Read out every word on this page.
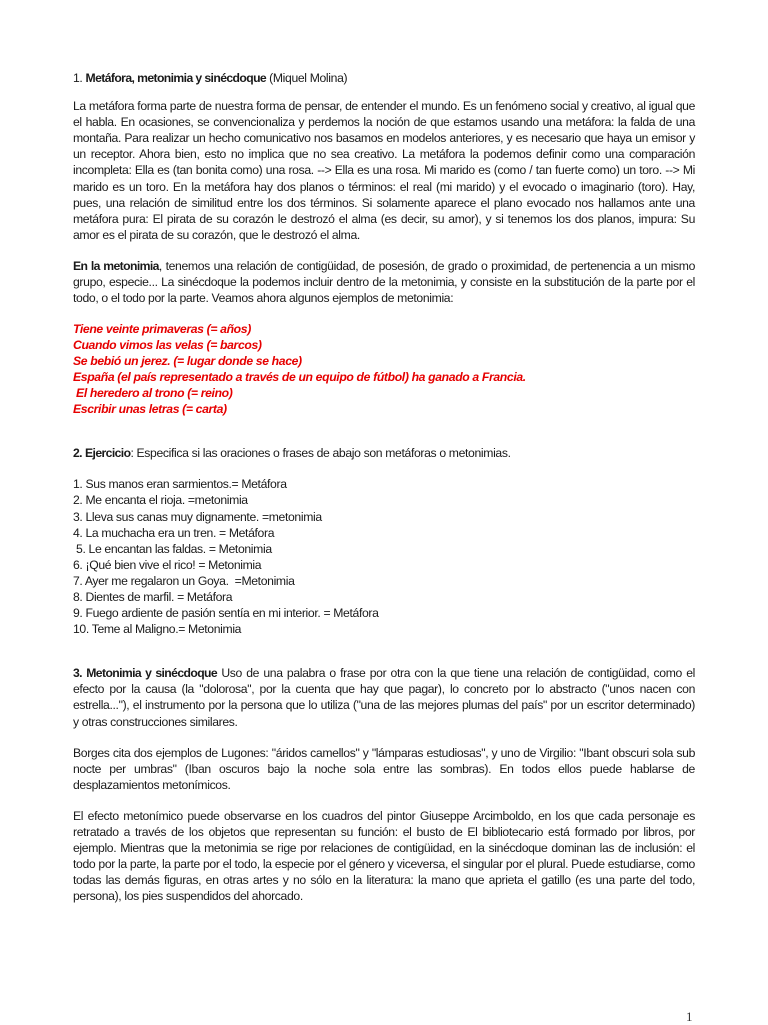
1. Metáfora, metonimia y sinécdoque (Miquel Molina)

La metáfora forma parte de nuestra forma de pensar, de entender el mundo. Es un fenómeno social y creativo, al igual que el habla. En ocasiones, se convencionaliza y perdemos la noción de que estamos usando una metáfora: la falda de una montaña. Para realizar un hecho comunicativo nos basamos en modelos anteriores, y es necesario que haya un emisor y un receptor. Ahora bien, esto no implica que no sea creativo. La metáfora la podemos definir como una comparación incompleta: Ella es (tan bonita como) una rosa. --> Ella es una rosa. Mi marido es (como / tan fuerte como) un toro. --> Mi marido es un toro. En la metáfora hay dos planos o términos: el real (mi marido) y el evocado o imaginario (toro). Hay, pues, una relación de similitud entre los dos términos. Si solamente aparece el plano evocado nos hallamos ante una metáfora pura: El pirata de su corazón le destrozó el alma (es decir, su amor), y si tenemos los dos planos, impura: Su amor es el pirata de su corazón, que le destrozó el alma.

En la metonimia, tenemos una relación de contigüidad, de posesión, de grado o proximidad, de pertenencia a un mismo grupo, especie... La sinécdoque la podemos incluir dentro de la metonimia, y consiste en la substitución de la parte por el todo, o el todo por la parte. Veamos ahora algunos ejemplos de metonimia:

Tiene veinte primaveras (= años)

Cuando vimos las velas (= barcos)

Se bebió un jerez. (= lugar donde se hace)

España (el país representado a través de un equipo de fútbol) ha ganado a Francia.

El heredero al trono (= reino)

Escribir unas letras (= carta)

2. Ejercicio: Especifica si las oraciones o frases de abajo son metáforas o metonimias.

1. Sus manos eran sarmientos.= Metáfora

2. Me encanta el rioja. =metonimia

3. Lleva sus canas muy dignamente. =metonimia

4. La muchacha era un tren. = Metáfora

5. Le encantan las faldas. = Metonimia

6. ¡Qué bien vive el rico! = Metonimia

7. Ayer me regalaron un Goya.  =Metonimia

8. Dientes de marfil. = Metáfora

9. Fuego ardiente de pasión sentía en mi interior. = Metáfora

10. Teme al Maligno.= Metonimia

3. Metonimia y sinécdoque Uso de una palabra o frase por otra con la que tiene una relación de contigüidad, como el efecto por la causa (la "dolorosa", por la cuenta que hay que pagar), lo concreto por lo abstracto ("unos nacen con estrella..."), el instrumento por la persona que lo utiliza ("una de las mejores plumas del país" por un escritor determinado) y otras construcciones similares.

Borges cita dos ejemplos de Lugones: "áridos camellos" y "lámparas estudiosas", y uno de Virgilio: "Ibant obscuri sola sub nocte per umbras" (Iban oscuros bajo la noche sola entre las sombras). En todos ellos puede hablarse de desplazamientos metonímicos.

El efecto metonímico puede observarse en los cuadros del pintor Giuseppe Arcimboldo, en los que cada personaje es retratado a través de los objetos que representan su función: el busto de El bibliotecario está formado por libros, por ejemplo. Mientras que la metonimia se rige por relaciones de contigüidad, en la sinécdoque dominan las de inclusión: el todo por la parte, la parte por el todo, la especie por el género y viceversa, el singular por el plural. Puede estudiarse, como todas las demás figuras, en otras artes y no sólo en la literatura: la mano que aprieta el gatillo (es una parte del todo, persona), los pies suspendidos del ahorcado.

1
